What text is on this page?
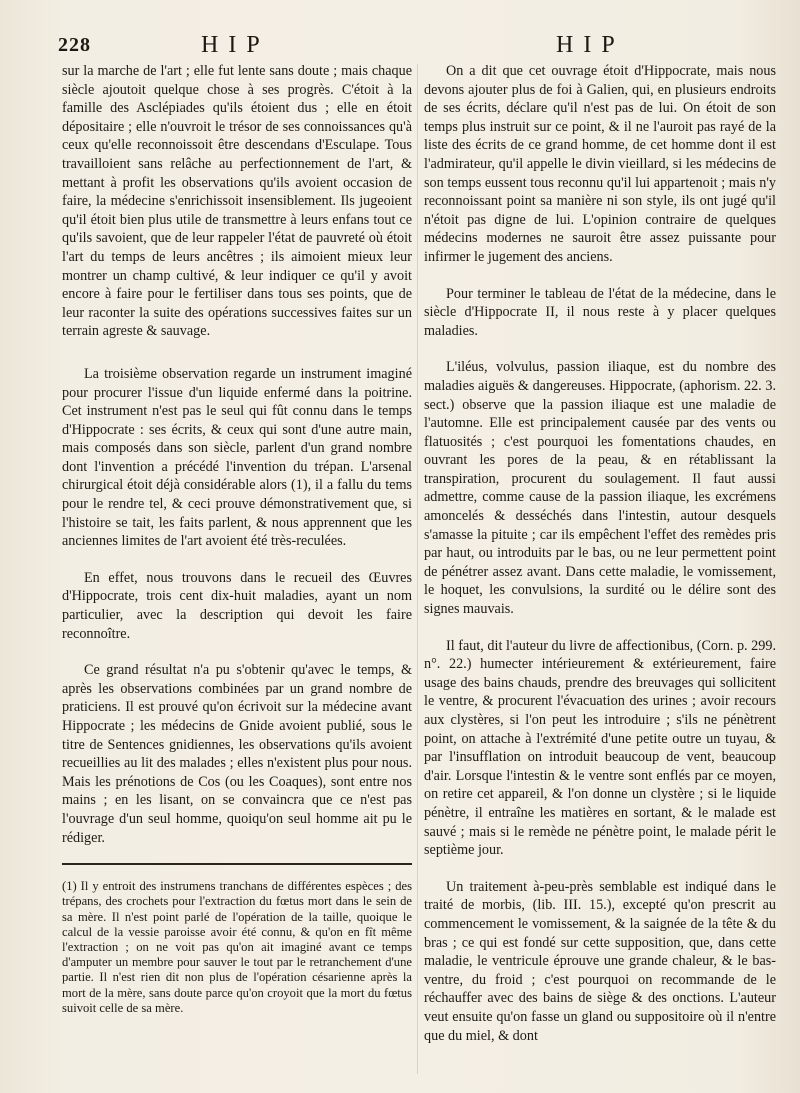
228	HIP	HIP

sur la marche de l'art ; elle fut lente sans doute ; mais chaque siècle ajoutoit quelque chose à ses progrès. C'étoit à la famille des Asclépiades qu'ils étoient dus ; elle en étoit dépositaire ; elle n'ouvroit le trésor de ses connoissances qu'à ceux qu'elle reconnoissoit être descendans d'Esculape. Tous travailloient sans relâche au perfectionnement de l'art, & mettant à profit les observations qu'ils avoient occasion de faire, la médecine s'enrichissoit insensiblement. Ils jugeoient qu'il étoit bien plus utile de transmettre à leurs enfans tout ce qu'ils savoient, que de leur rappeler l'état de pauvreté où étoit l'art du temps de leurs ancêtres ; ils aimoient mieux leur montrer un champ cultivé, & leur indiquer ce qu'il y avoit encore à faire pour le fertiliser dans tous ses points, que de leur raconter la suite des opérations successives faites sur un terrain agreste & sauvage.

La troisième observation regarde un instrument imaginé pour procurer l'issue d'un liquide enfermé dans la poitrine. Cet instrument n'est pas le seul qui fût connu dans le temps d'Hippocrate : ses écrits, & ceux qui sont d'une autre main, mais composés dans son siècle, parlent d'un grand nombre dont l'invention a précédé l'invention du trépan. L'arsenal chirurgical étoit déjà considérable alors (1), il a fallu du tems pour le rendre tel, & ceci prouve démonstrativement que, si l'histoire se tait, les faits parlent, & nous apprennent que les anciennes limites de l'art avoient été très-reculées.

En effet, nous trouvons dans le recueil des Œuvres d'Hippocrate, trois cent dix-huit maladies, ayant un nom particulier, avec la description qui devoit les faire reconnoître.

Ce grand résultat n'a pu s'obtenir qu'avec le temps, & après les observations combinées par un grand nombre de praticiens. Il est prouvé qu'on écrivoit sur la médecine avant Hippocrate ; les médecins de Gnide avoient publié, sous le titre de Sentences gnidiennes, les observations qu'ils avoient recueillies au lit des malades ; elles n'existent plus pour nous. Mais les prénotions de Cos (ou les Coaques), sont entre nos mains ; en les lisant, on se convaincra que ce n'est pas l'ouvrage d'un seul homme, quoiqu'on seul homme ait pu le rédiger.

(1) Il y entroit des instrumens tranchans de différentes espèces ; des trépans, des crochets pour l'extraction du fœtus mort dans le sein de sa mère. Il n'est point parlé de l'opération de la taille, quoique le calcul de la vessie paroisse avoir été connu, & qu'on en fît même l'extraction ; on ne voit pas qu'on ait imaginé avant ce temps d'amputer un membre pour sauver le tout par le retranchement d'une partie. Il n'est rien dit non plus de l'opération césarienne après la mort de la mère, sans doute parce qu'on croyoit que la mort du fœtus suivoit celle de sa mère.

On a dit que cet ouvrage étoit d'Hippocrate, mais nous devons ajouter plus de foi à Galien, qui, en plusieurs endroits de ses écrits, déclare qu'il n'est pas de lui. On étoit de son temps plus instruit sur ce point, & il ne l'auroit pas rayé de la liste des écrits de ce grand homme, de cet homme dont il est l'admirateur, qu'il appelle le divin vieillard, si les médecins de son temps eussent tous reconnu qu'il lui appartenoit ; mais n'y reconnoissant point sa manière ni son style, ils ont jugé qu'il n'étoit pas digne de lui. L'opinion contraire de quelques médecins modernes ne sauroit être assez puissante pour infirmer le jugement des anciens.

Pour terminer le tableau de l'état de la médecine, dans le siècle d'Hippocrate II, il nous reste à y placer quelques maladies.

L'iléus, volvulus, passion iliaque, est du nombre des maladies aiguës & dangereuses. Hippocrate, (aphorism. 22. 3. sect.) observe que la passion iliaque est une maladie de l'automne. Elle est principalement causée par des vents ou flatuosités ; c'est pourquoi les fomentations chaudes, en ouvrant les pores de la peau, & en rétablissant la transpiration, procurent du soulagement. Il faut aussi admettre, comme cause de la passion iliaque, les excrémens amoncelés & desséchés dans l'intestin, autour desquels s'amasse la pituite ; car ils empêchent l'effet des remèdes pris par haut, ou introduits par le bas, ou ne leur permettent point de pénétrer assez avant. Dans cette maladie, le vomissement, le hoquet, les convulsions, la surdité ou le délire sont des signes mauvais.

Il faut, dit l'auteur du livre de affectionibus, (Corn. p. 299. n°. 22.) humecter intérieurement & extérieurement, faire usage des bains chauds, prendre des breuvages qui sollicitent le ventre, & procurent l'évacuation des urines ; avoir recours aux clystères, si l'on peut les introduire ; s'ils ne pénètrent point, on attache à l'extrémité d'une petite outre un tuyau, & par l'insufflation on introduit beaucoup de vent, beaucoup d'air. Lorsque l'intestin & le ventre sont enflés par ce moyen, on retire cet appareil, & l'on donne un clystère ; si le liquide pénètre, il entraîne les matières en sortant, & le malade est sauvé ; mais si le remède ne pénètre point, le malade périt le septième jour.

Un traitement à-peu-près semblable est indiqué dans le traité de morbis, (lib. III. 15.), excepté qu'on prescrit au commencement le vomissement, & la saignée de la tête & du bras ; ce qui est fondé sur cette supposition, que, dans cette maladie, le ventricule éprouve une grande chaleur, & le bas-ventre, du froid ; c'est pourquoi on recommande de le réchauffer avec des bains de siège & des onctions. L'auteur veut ensuite qu'on fasse un gland ou suppositoire où il n'entre que du miel, & dont
